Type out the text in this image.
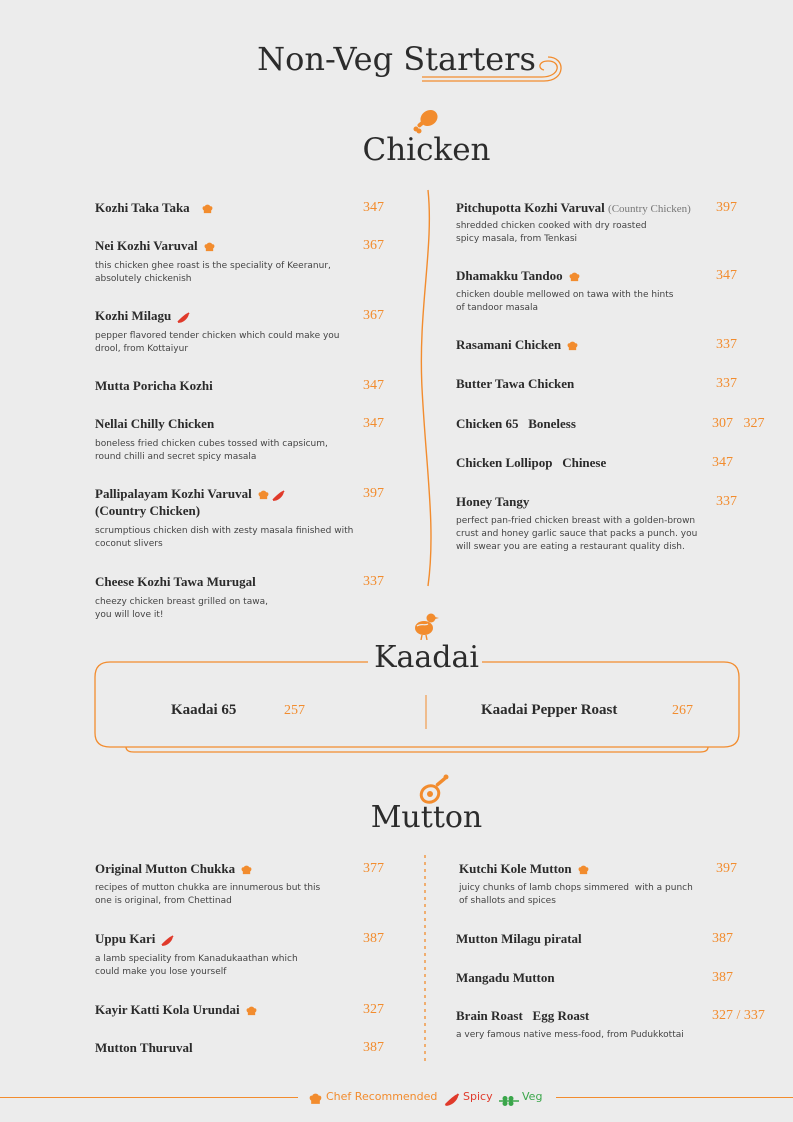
Non-Veg Starters
Chicken
Kozhi Taka Taka	347
Nei Kozhi Varuval	367
this chicken ghee roast is the speciality of Keeranur,
absolutely chickenish
Kozhi Milagu	367
pepper flavored tender chicken which could make you
drool, from Kottaiyur
Mutta Poricha Kozhi	347
Nellai Chilly Chicken	347
boneless fried chicken cubes tossed with capsicum,
round chilli and secret spicy masala
Pallipalayam Kozhi Varuval
(Country Chicken)
397
scrumptious chicken dish with zesty masala finished with
coconut slivers
Cheese Kozhi Tawa Murugal	337
cheezy chicken breast grilled on tawa,
you will love it!
Pitchupotta Kozhi Varuval (Country Chicken) 397
shredded chicken cooked with dry roasted
spicy masala, from Tenkasi
Dhamakku Tandoo	347
chicken double mellowed on tawa with the hints
of tandoor masala
Rasamani Chicken	337
Butter Tawa Chicken	337
Chicken 65   Boneless	307   327
Chicken Lollipop   Chinese	347
Honey Tangy	337
perfect pan-fried chicken breast with a golden-brown
crust and honey garlic sauce that packs a punch. you
will swear you are eating a restaurant quality dish.
Kaadai
Kaadai 65	257	Kaadai Pepper Roast	267
Mutton
Original Mutton Chukka	377
recipes of mutton chukka are innumerous but this
one is original, from Chettinad
Uppu Kari	387
a lamb speciality from Kanadukaathan which
could make you lose yourself
Kayir Katti Kola Urundai	327
Mutton Thuruval	387
Kutchi Kole Mutton	397
juicy chunks of lamb chops simmered  with a punch
of shallots and spices
Mutton Milagu piratal	387
Mangadu Mutton	387
Brain Roast   Egg Roast	327 / 337
a very famous native mess-food, from Pudukkottai
Chef Recommended Spicy	Veg
